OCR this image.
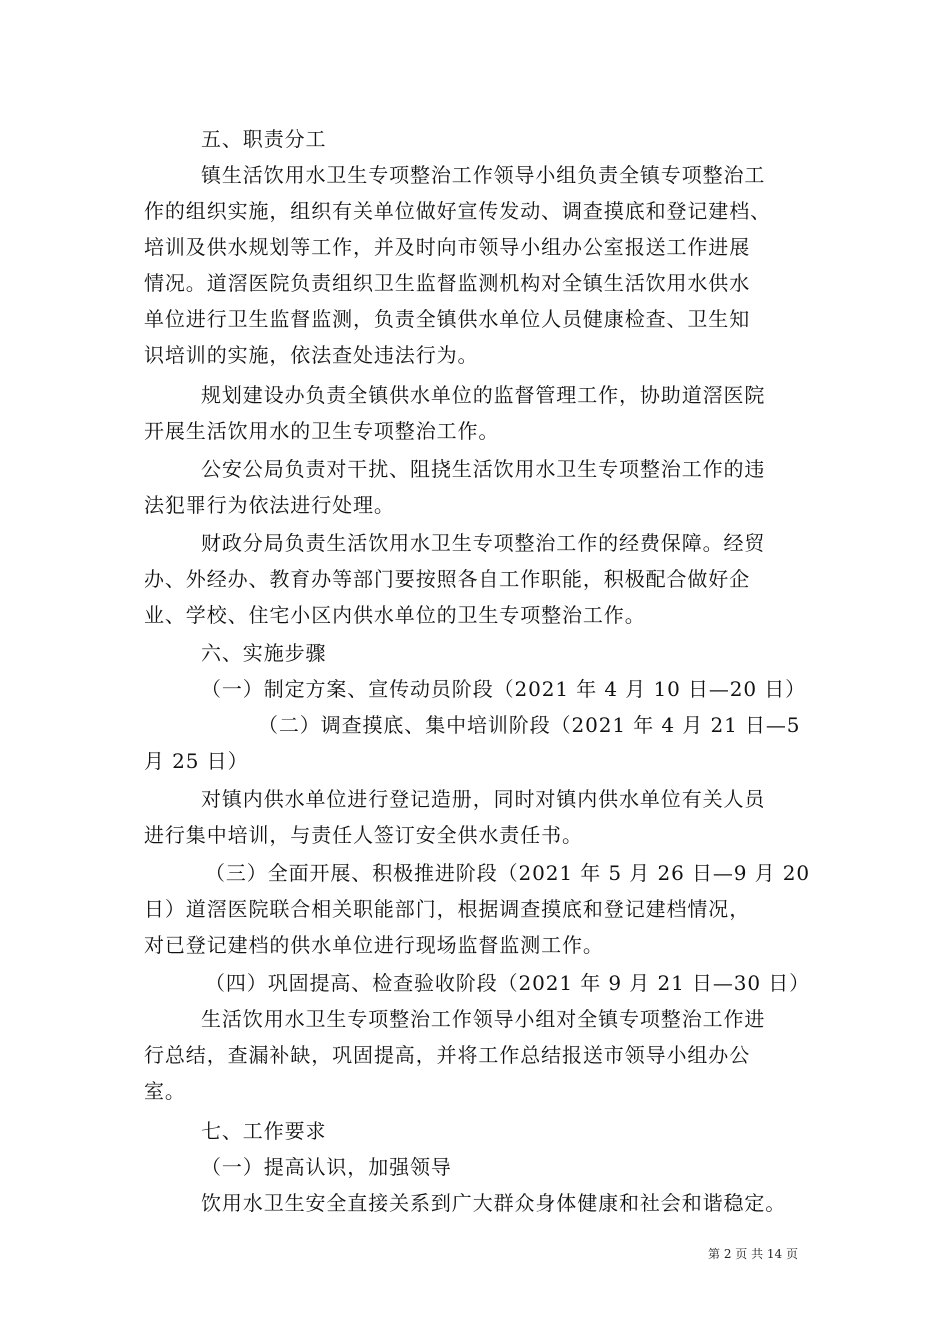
五、职责分工
镇生活饮用水卫生专项整治工作领导小组负责全镇专项整治工
作的组织实施，组织有关单位做好宣传发动、调查摸底和登记建档、
培训及供水规划等工作，并及时向市领导小组办公室报送工作进展
情况。道滘医院负责组织卫生监督监测机构对全镇生活饮用水供水
单位进行卫生监督监测，负责全镇供水单位人员健康检查、卫生知
识培训的实施，依法查处违法行为。
规划建设办负责全镇供水单位的监督管理工作，协助道滘医院
开展生活饮用水的卫生专项整治工作。
公安公局负责对干扰、阻挠生活饮用水卫生专项整治工作的违
法犯罪行为依法进行处理。
财政分局负责生活饮用水卫生专项整治工作的经费保障。经贸
办、外经办、教育办等部门要按照各自工作职能，积极配合做好企
业、学校、住宅小区内供水单位的卫生专项整治工作。
六、实施步骤
（一）制定方案、宣传动员阶段（2021 年 4 月 10 日—20 日）
（二）调查摸底、集中培训阶段（2021 年 4 月 21 日—5
月 25 日）
对镇内供水单位进行登记造册，同时对镇内供水单位有关人员
进行集中培训，与责任人签订安全供水责任书。
（三）全面开展、积极推进阶段（2021 年 5 月 26 日—9 月 20
日）道滘医院联合相关职能部门，根据调查摸底和登记建档情况，
对已登记建档的供水单位进行现场监督监测工作。
（四）巩固提高、检查验收阶段（2021 年 9 月 21 日—30 日）
生活饮用水卫生专项整治工作领导小组对全镇专项整治工作进
行总结，查漏补缺，巩固提高，并将工作总结报送市领导小组办公
室。
七、工作要求
（一）提高认识，加强领导
饮用水卫生安全直接关系到广大群众身体健康和社会和谐稳定。
第 2 页 共 14 页
